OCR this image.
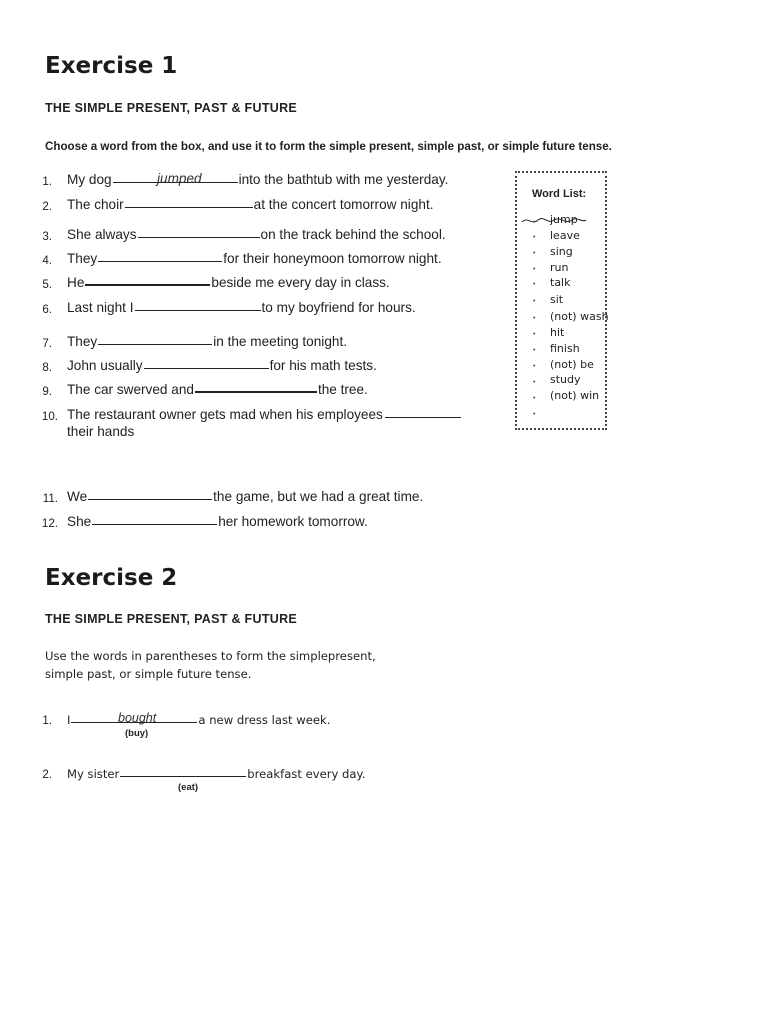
Exercise 1
THE SIMPLE PRESENT, PAST & FUTURE
Choose a word from the box, and use it to form the simple present, simple past, or simple future tense.
1. My dog	into the bathtub with me yesterday.
jumped
2. The choir	at the concert tomorrow night.
3. She always	on the track behind the school.
4. They	for their honeymoon tomorrow night.
5. He	beside me every day in class.
6. Last night I	to my boyfriend for hours.
7. They	in the meeting tonight.
8. John usually	for his math tests.
9. The car swerved and	the tree.
10. The restaurant owner gets mad when his employees
their hands
11. We	the game, but we had a great time.
12. She	her homework tomorrow.
Word List:
• jump
• leave
• sing
• run
• talk
• sit
• (not) wash
• hit
• finish
• (not) be
• study
• (not) win
•
Exercise 2
THE SIMPLE PRESENT, PAST & FUTURE
Use the words in parentheses to form the simplepresent,
simple past, or simple future tense.
1. I	a new dress last week.
bought
(buy)
2. My sister	breakfast every day.
(eat)
